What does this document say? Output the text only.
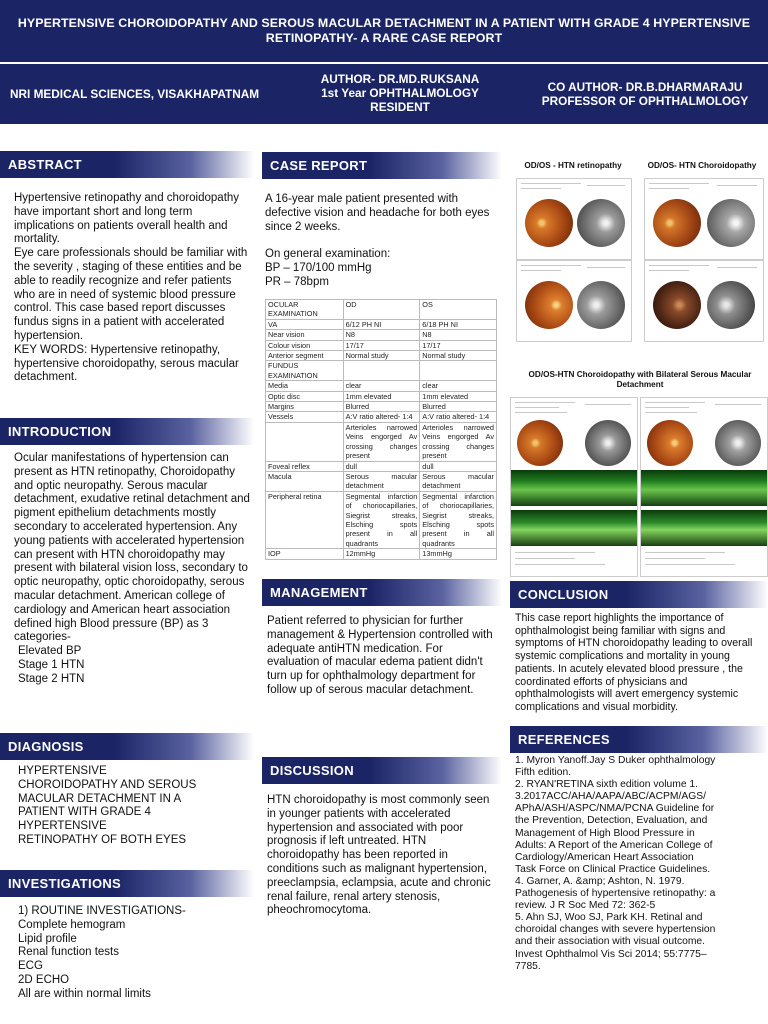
HYPERTENSIVE CHOROIDOPATHY AND SEROUS MACULAR DETACHMENT IN A PATIENT WITH GRADE 4 HYPERTENSIVE RETINOPATHY- A RARE CASE REPORT
NRI MEDICAL SCIENCES, VISAKHAPATNAM
AUTHOR- DR.MD.RUKSANA
1st Year OPHTHALMOLOGY
RESIDENT
CO AUTHOR- DR.B.DHARMARAJU
PROFESSOR OF OPHTHALMOLOGY
ABSTRACT

Hypertensive retinopathy and choroidopathy have important short and long term implications on patients overall health and mortality.

Eye care professionals should be familiar with the severity , staging of these entities and be able to readily recognize and refer patients who are in need of systemic blood pressure control. This case based report discusses fundus signs in a patient with accelerated hypertension.

KEY WORDS: Hypertensive retinopathy, hypertensive choroidopathy, serous macular detachment.

INTRODUCTION

Ocular manifestations of hypertension can present as HTN retinopathy, Choroidopathy and optic neuropathy. Serous macular detachment, exudative retinal detachment and pigment epithelium detachments mostly secondary to accelerated hypertension. Any young patients with accelerated hypertension can present with HTN choroidopathy may present with bilateral vision loss, secondary to optic neuropathy, optic choroidopathy, serous macular detachment. American college of cardiology and American heart association defined high Blood pressure (BP) as 3 categories-

Elevated BP

Stage 1 HTN

Stage 2 HTN

DIAGNOSIS

HYPERTENSIVE

CHOROIDOPATHY AND SEROUS

MACULAR DETACHMENT IN A

PATIENT WITH GRADE 4

HYPERTENSIVE

RETINOPATHY OF BOTH EYES

INVESTIGATIONS

1) ROUTINE INVESTIGATIONS-

Complete hemogram

Lipid profile

Renal function tests

ECG

2D ECHO

All are within normal limits

CASE REPORT

A 16-year male patient presented with defective vision and headache for both eyes since 2 weeks.

On general examination:

BP – 170/100 mmHg

PR – 78bpm

OCULAR EXAMINATION	OD	OS
VA	6/12 PH NI	6/18 PH NI
Near vision	N8	N8
Colour vision	17/17	17/17
Anterior segment	Normal study	Normal study
FUNDUS EXAMINATION		
Media	clear	clear
Optic disc	1mm elevated	1mm elevated
Margins	Blurred	Blurred
Vessels	A:V ratio altered- 1:4	A:V ratio altered- 1:4
	Arterioles narrowed Veins engorged Av crossing changes present	Arterioles narrowed Veins engorged Av crossing changes present
Foveal reflex	dull	dull
Macula	Serous macular detachment	Serous macular detachment
Peripheral retina	Segmental infarction of choriocapillaries, Siegrist streaks, Elsching spots present in all quadrants	Segmental infarction of choriocapillaries, Siegrist streaks, Elsching spots present in all quadrants
IOP	12mmHg	13mmHg
MANAGEMENT
Patient referred to physician for further management & Hypertension controlled with adequate antiHTN medication. For evaluation of macular edema patient didn't turn up for ophthalmology department for follow up of serous macular detachment.
DISCUSSION
HTN choroidopathy is most commonly seen in younger patients with accelerated hypertension and associated with poor prognosis if left untreated. HTN choroidopathy has been reported in conditions such as malignant hypertension, preeclampsia, eclampsia, acute and chronic renal failure, renal artery stenosis, pheochromocytoma.
OD/OS - HTN retinopathy	OD/OS- HTN Choroidopathy
OD/OS-HTN Choroidopathy with Bilateral Serous Macular Detachment
CONCLUSION
This case report highlights the importance of ophthalmologist being familiar with signs and symptoms of HTN choroidopathy leading to overall systemic complications and mortality in young patients. In acutely elevated blood pressure , the coordinated efforts of physicians and ophthalmologists will avert emergency systemic complications and visual morbidity.
REFERENCES

1. Myron Yanoff.Jay S Duker ophthalmology Fifth edition.

2. RYAN'RETINA sixth edition volume 1. 3.2017ACC/AHA/AAPA/ABC/ACPM/AGS/ APhA/ASH/ASPC/NMA/PCNA Guideline for the Prevention, Detection, Evaluation, and Management of High Blood Pressure in Adults: A Report of the American College of Cardiology/American Heart Association Task Force on Clinical Practice Guidelines.

4. Garner, A. &amp; Ashton, N. 1979. Pathogenesis of hypertensive retinopathy: a review. J R Soc Med 72: 362-5

5. Ahn SJ, Woo SJ, Park KH. Retinal and choroidal changes with severe hypertension and their association with visual outcome. Invest Ophthalmol Vis Sci 2014; 55:7775–7785.
